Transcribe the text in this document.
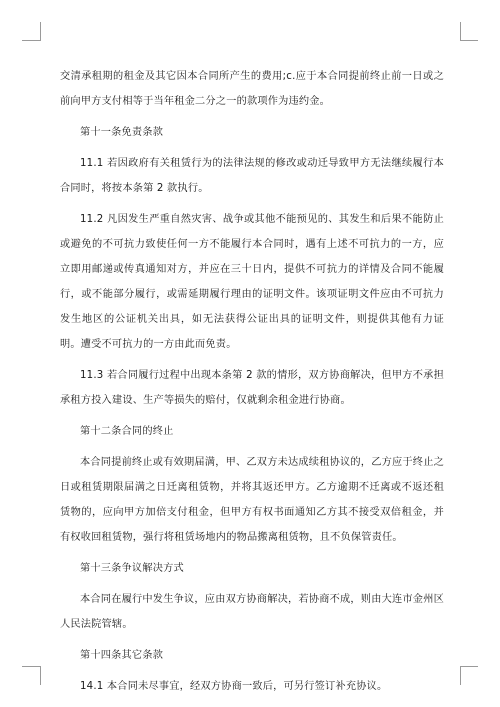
交清承租期的租金及其它因本合同所产生的费用;c.应于本合同提前终止前一日或之前向甲方支付相等于当年租金二分之一的款项作为违约金。

第十一条免责条款

11.1 若因政府有关租赁行为的法律法规的修改或动迁导致甲方无法继续履行本合同时，将按本条第 2 款执行。

11.2 凡因发生严重自然灾害、战争或其他不能预见的、其发生和后果不能防止或避免的不可抗力致使任何一方不能履行本合同时，遇有上述不可抗力的一方，应立即用邮递或传真通知对方，并应在三十日内，提供不可抗力的详情及合同不能履行，或不能部分履行，或需延期履行理由的证明文件。该项证明文件应由不可抗力发生地区的公证机关出具，如无法获得公证出具的证明文件，则提供其他有力证明。遭受不可抗力的一方由此而免责。

11.3 若合同履行过程中出现本条第 2 款的情形，双方协商解决，但甲方不承担承租方投入建设、生产等损失的赔付，仅就剩余租金进行协商。

第十二条合同的终止

本合同提前终止或有效期届满，甲、乙双方未达成续租协议的，乙方应于终止之日或租赁期限届满之日迁离租赁物，并将其返还甲方。乙方逾期不迁离或不返还租赁物的，应向甲方加倍支付租金，但甲方有权书面通知乙方其不接受双倍租金，并有权收回租赁物，强行将租赁场地内的物品搬离租赁物，且不负保管责任。

第十三条争议解决方式

本合同在履行中发生争议，应由双方协商解决，若协商不成，则由大连市金州区人民法院管辖。

第十四条其它条款

14.1 本合同未尽事宜，经双方协商一致后，可另行签订补充协议。
